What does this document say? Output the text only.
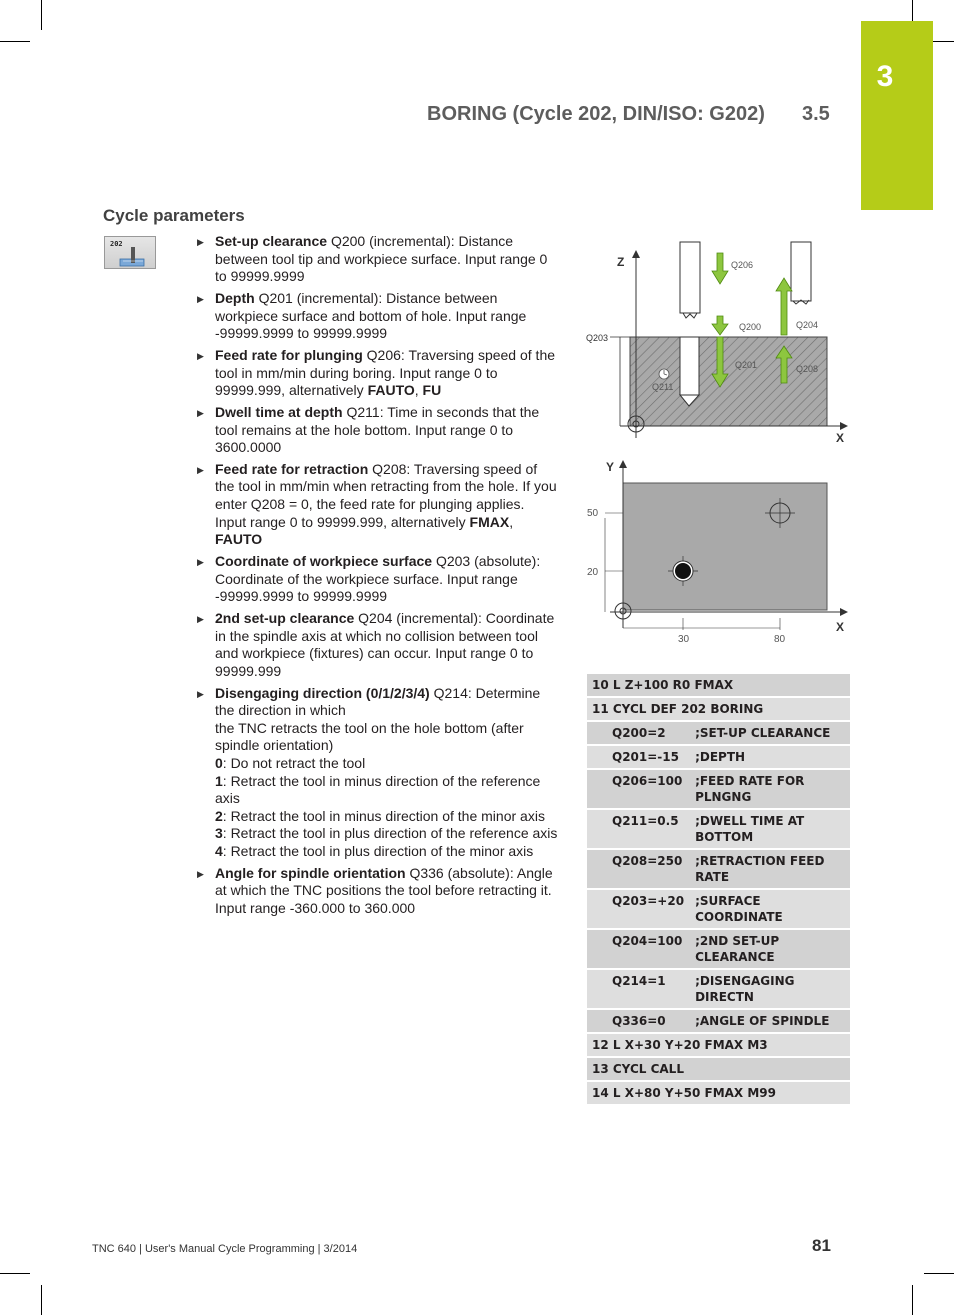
3
BORING (Cycle 202, DIN/ISO: G202) 3.5
Cycle parameters
202	▶ Set-up clearance Q200 (incremental): Distance between tool tip and workpiece surface. Input range 0 to 99999.9999
▶ Depth Q201 (incremental): Distance between workpiece surface and bottom of hole. Input range -99999.9999 to 99999.9999
▶ Feed rate for plunging Q206: Traversing speed of the tool in mm/min during boring. Input range 0 to 99999.999, alternatively FAUTO, FU
▶ Dwell time at depth Q211: Time in seconds that the tool remains at the hole bottom. Input range 0 to 3600.0000
▶ Feed rate for retraction Q208: Traversing speed of the tool in mm/min when retracting from the hole. If you enter Q208 = 0, the feed rate for plunging applies. Input range 0 to 99999.999, alternatively FMAX, FAUTO
▶ Coordinate of workpiece surface Q203 (absolute): Coordinate of the workpiece surface. Input range -99999.9999 to 99999.9999
▶ 2nd set-up clearance Q204 (incremental): Coordinate in the spindle axis at which no collision between tool and workpiece (fixtures) can occur. Input range 0 to 99999.999
▶ Disengaging direction (0/1/2/3/4) Q214: Determine the direction in which
the TNC retracts the tool on the hole bottom (after spindle orientation)
0: Do not retract the tool
1: Retract the tool in minus direction of the reference axis
2: Retract the tool in minus direction of the minor axis
3: Retract the tool in plus direction of the reference axis
4: Retract the tool in plus direction of the minor axis
▶ Angle for spindle orientation Q336 (absolute): Angle at which the TNC positions the tool before retracting it. Input range -360.000 to 360.000
Z
X
Q203
Q206
Q200
Q201
Q204
Q208
Q211
Y
X
50
20
30	80
10 L Z+100 R0 FMAX	
11 CYCL DEF 202 BORING	
Q200=2	;SET-UP CLEARANCE
Q201=-15	;DEPTH
Q206=100	;FEED RATE FOR PLNGNG
Q211=0.5	;DWELL TIME AT BOTTOM
Q208=250	;RETRACTION FEED RATE
Q203=+20	;SURFACE COORDINATE
Q204=100	;2ND SET-UP CLEARANCE
Q214=1	;DISENGAGING DIRECTN
Q336=0	;ANGLE OF SPINDLE
12 L X+30 Y+20 FMAX M3	
13 CYCL CALL	
14 L X+80 Y+50 FMAX M99	
TNC 640 | User's Manual Cycle Programming | 3/2014	81
